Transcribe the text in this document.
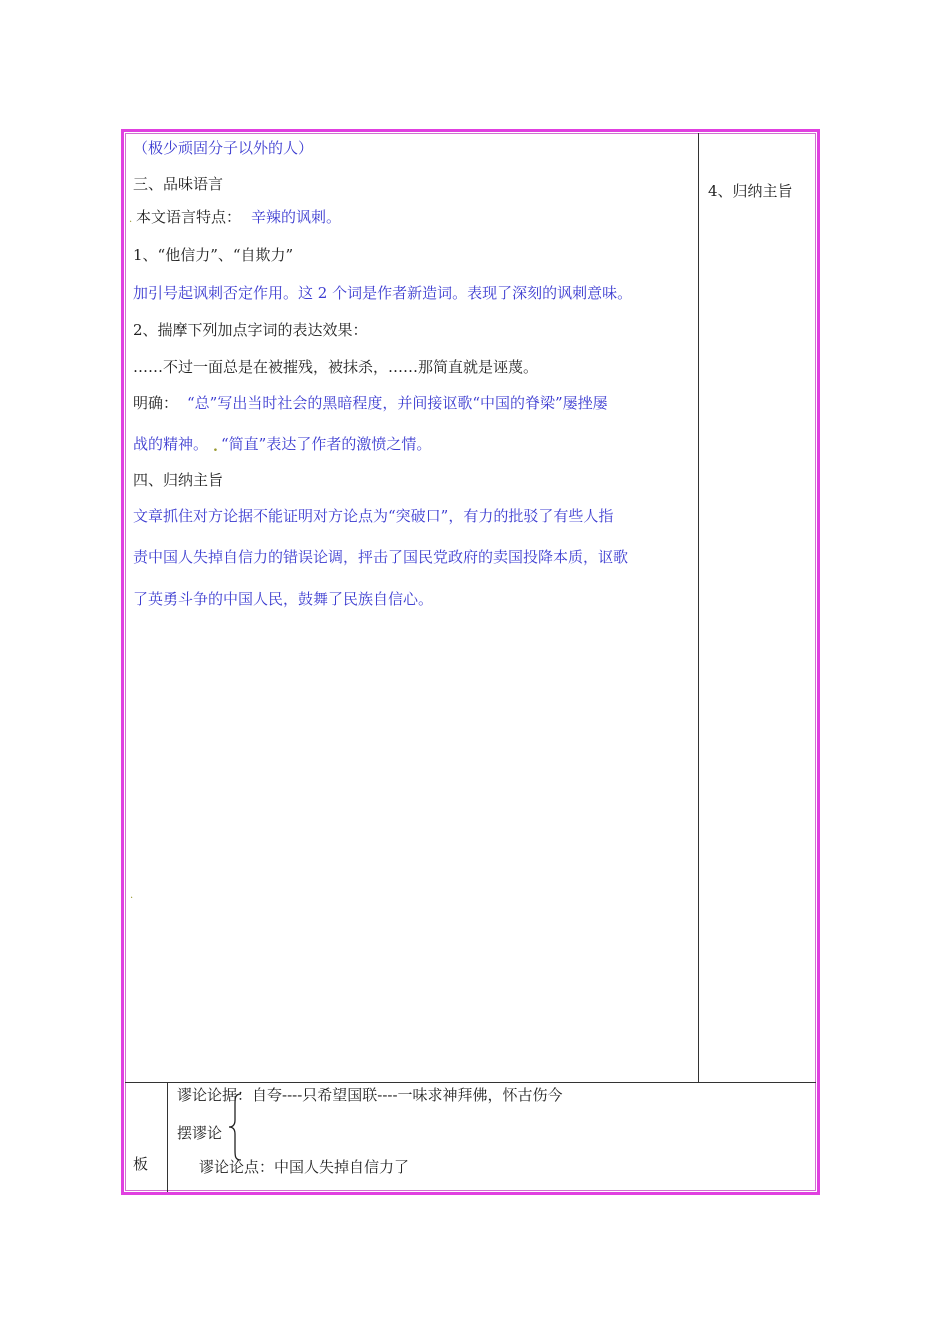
（极少顽固分子以外的人）
三、品味语言
. 本文语言特点： 辛辣的讽刺。
1、“他信力”、“自欺力”
加引号起讽刺否定作用。这 2 个词是作者新造词。表现了深刻的讽刺意味。
2、揣摩下列加点字词的表达效果：
……不过一面总是在被摧残，被抹杀，……那简直就是诬蔑。
明确： “总”写出当时社会的黑暗程度，并间接讴歌“中国的脊梁”屡挫屡
战的精神。 . “简直”表达了作者的激愤之情。
四、归纳主旨
文章抓住对方论据不能证明对方论点为“突破口”，有力的批驳了有些人指
责中国人失掉自信力的错误论调，抨击了国民党政府的卖国投降本质，讴歌
了英勇斗争的中国人民，鼓舞了民族自信心。
.
4、归纳主旨
板
谬论论据：自夸----只希望国联----一味求神拜佛，怀古伤今
摆谬论
谬论论点：中国人失掉自信力了
